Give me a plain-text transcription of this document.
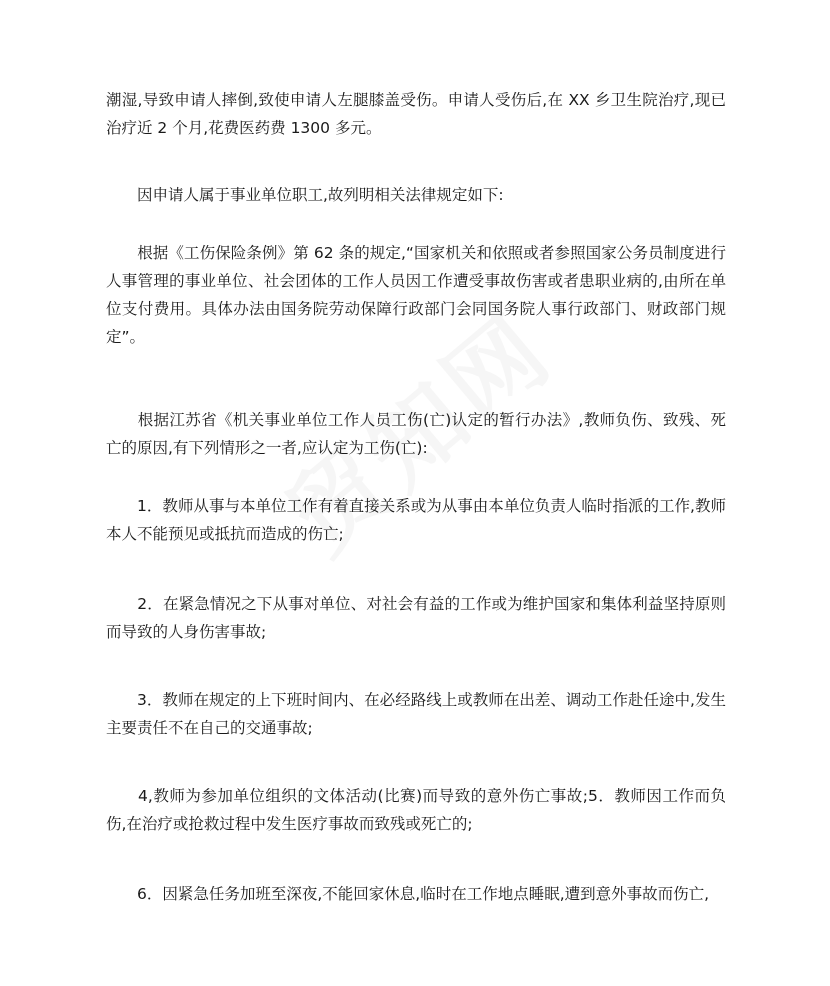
潮湿,导致申请人摔倒,致使申请人左腿膝盖受伤。申请人受伤后,在 XX 乡卫生院治疗,现已治疗近 2 个月,花费医药费 1300 多元。

　　因申请人属于事业单位职工,故列明相关法律规定如下:

　　根据《工伤保险条例》第 62 条的规定,“国家机关和依照或者参照国家公务员制度进行人事管理的事业单位、社会团体的工作人员因工作遭受事故伤害或者患职业病的,由所在单位支付费用。具体办法由国务院劳动保障行政部门会同国务院人事行政部门、财政部门规定”。

　　根据江苏省《机关事业单位工作人员工伤(亡)认定的暂行办法》,教师负伤、致残、死亡的原因,有下列情形之一者,应认定为工伤(亡):

　　1．教师从事与本单位工作有着直接关系或为从事由本单位负责人临时指派的工作,教师本人不能预见或抵抗而造成的伤亡;

　　2．在紧急情况之下从事对单位、对社会有益的工作或为维护国家和集体利益坚持原则而导致的人身伤害事故;

　　3．教师在规定的上下班时间内、在必经路线上或教师在出差、调动工作赴任途中,发生主要责任不在自己的交通事故;

　　4,教师为参加单位组织的文体活动(比赛)而导致的意外伤亡事故;5．教师因工作而负伤,在治疗或抢救过程中发生医疗事故而致残或死亡的;

　　6．因紧急任务加班至深夜,不能回家休息,临时在工作地点睡眠,遭到意外事故而伤亡,
